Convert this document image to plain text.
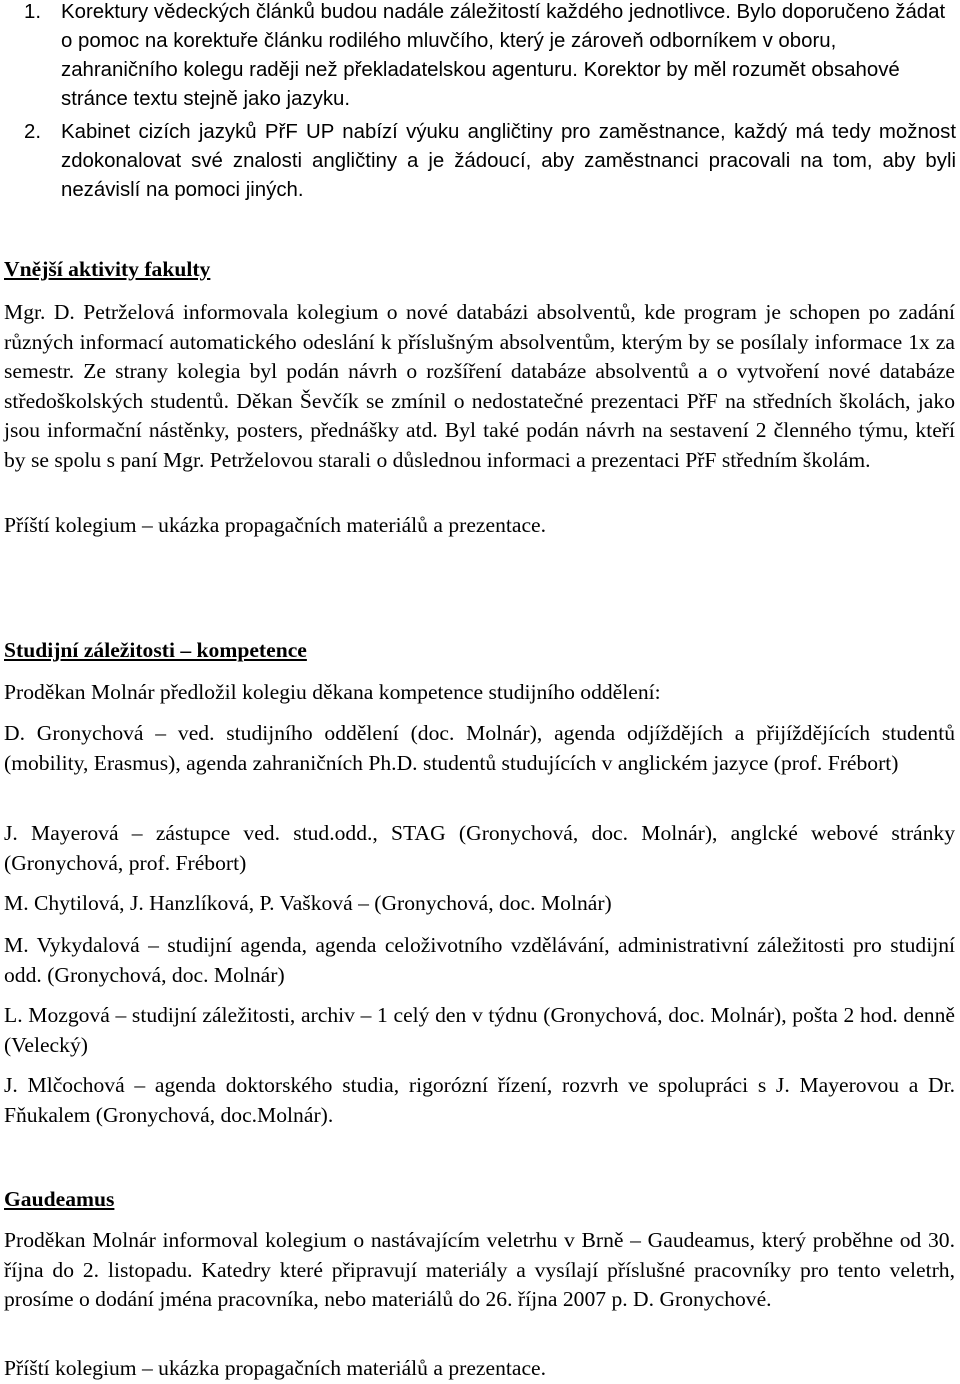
1. Korektury vědeckých článků budou nadále záležitostí každého jednotlivce. Bylo doporučeno žádat o pomoc na korektuře článku rodilého mluvčího, který je zároveň odborníkem v oboru, zahraničního kolegu raději než překladatelskou agenturu. Korektor by měl rozumět obsahové stránce textu stejně jako jazyku.
2. Kabinet cizích jazyků PřF UP nabízí výuku angličtiny pro zaměstnance, každý má tedy možnost zdokonalovat své znalosti angličtiny a je žádoucí, aby zaměstnanci pracovali na tom, aby byli nezávislí na pomoci jiných.

Vnější aktivity fakulty

Mgr. D. Petrželová informovala kolegium o nové databázi absolventů, kde program je schopen po zadání různých informací automatického odeslání k příslušným absolventům, kterým by se posílaly informace 1x za semestr. Ze strany kolegia byl podán návrh o rozšíření databáze absolventů a o vytvoření nové databáze středoškolských studentů. Děkan Ševčík se zmínil o nedostatečné prezentaci PřF na středních školách, jako jsou informační nástěnky, posters, přednášky atd. Byl také podán návrh na sestavení 2 členného týmu, kteří by se spolu s paní Mgr. Petrželovou starali o důslednou informaci a prezentaci PřF středním školám.

Příští kolegium – ukázka propagačních materiálů a prezentace.

Studijní záležitosti – kompetence

Proděkan Molnár předložil kolegiu děkana kompetence studijního oddělení:

D. Gronychová – ved. studijního oddělení (doc. Molnár), agenda odjíždějích a přijíždějících studentů (mobility, Erasmus), agenda zahraničních Ph.D. studentů studujících v anglickém jazyce (prof. Frébort)

J. Mayerová – zástupce ved. stud.odd., STAG (Gronychová, doc. Molnár), anglcké webové stránky (Gronychová, prof. Frébort)

M. Chytilová, J. Hanzlíková, P. Vašková – (Gronychová, doc. Molnár)

M. Vykydalová – studijní agenda, agenda celoživotního vzdělávání, administrativní záležitosti pro studijní odd. (Gronychová, doc. Molnár)

L. Mozgová – studijní záležitosti, archiv – 1 celý den v týdnu (Gronychová, doc. Molnár), pošta 2 hod. denně (Velecký)

J. Mlčochová – agenda doktorského studia, rigorózní řízení, rozvrh ve spolupráci s J. Mayerovou a Dr. Fňukalem (Gronychová, doc.Molnár).

Gaudeamus

Proděkan Molnár informoval kolegium o nastávajícím veletrhu v Brně – Gaudeamus, který proběhne od 30. října do 2. listopadu. Katedry které připravují materiály a vysílají příslušné pracovníky pro tento veletrh, prosíme o dodání jména pracovníka, nebo materiálů do 26. října 2007 p. D. Gronychové.

Příští kolegium – ukázka propagačních materiálů a prezentace.
